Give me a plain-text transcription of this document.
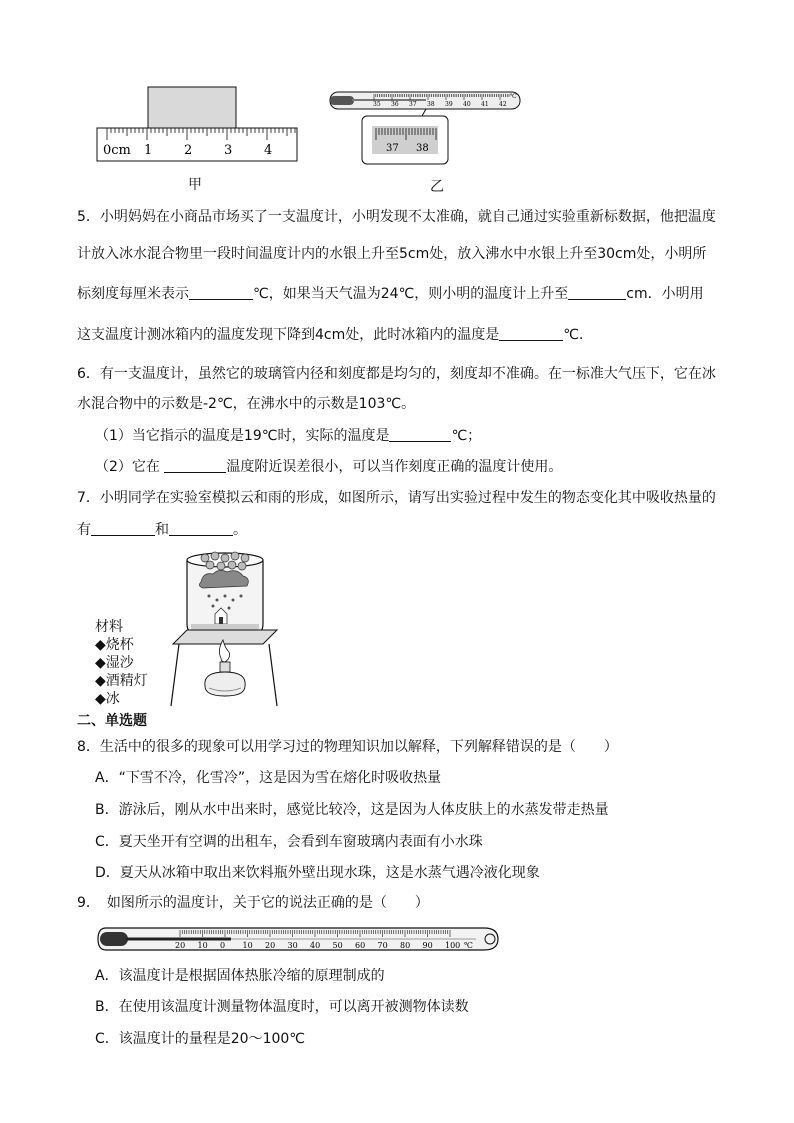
0cm 1 2 3 4
甲
35 36 37 38 39 40 41 42
℃
37 38
乙
5．小明妈妈在小商品市场买了一支温度计，小明发现不太准确，就自己通过实验重新标数据，他把温度
计放入冰水混合物里一段时间温度计内的水银上升至5cm处，放入沸水中水银上升至30cm处，小明所
标刻度每厘米表示	℃，如果当天气温为24℃，则小明的温度计上升至	cm．小明用
这支温度计测冰箱内的温度发现下降到4cm处，此时冰箱内的温度是	℃．
6．有一支温度计，虽然它的玻璃管内径和刻度都是均匀的，刻度却不准确。在一标准大气压下，它在冰
水混合物中的示数是-2℃，在沸水中的示数是103℃。
（1）当它指示的温度是19℃时，实际的温度是	℃；
（2）它在	温度附近误差很小，可以当作刻度正确的温度计使用。
7．小明同学在实验室模拟云和雨的形成，如图所示，请写出实验过程中发生的物态变化其中吸收热量的
有	和	。
材料
◆烧杯
◆湿沙
◆酒精灯
◆冰
二、单选题
8．生活中的很多的现象可以用学习过的物理知识加以解释，下列解释错误的是（　　）
A．“下雪不冷，化雪冷”，这是因为雪在熔化时吸收热量
B．游泳后，刚从水中出来时，感觉比较冷，这是因为人体皮肤上的水蒸发带走热量
C．夏天坐开有空调的出租车，会看到车窗玻璃内表面有小水珠
D．夏天从冰箱中取出来饮料瓶外壁出现水珠，这是水蒸气遇冷液化现象
9．　如图所示的温度计，关于它的说法正确的是（　　）
20 10 0 10 20 30 40 50 60 70 80 90 100 ℃
A．该温度计是根据固体热胀冷缩的原理制成的
B．在使用该温度计测量物体温度时，可以离开被测物体读数
C．该温度计的量程是20～100℃
